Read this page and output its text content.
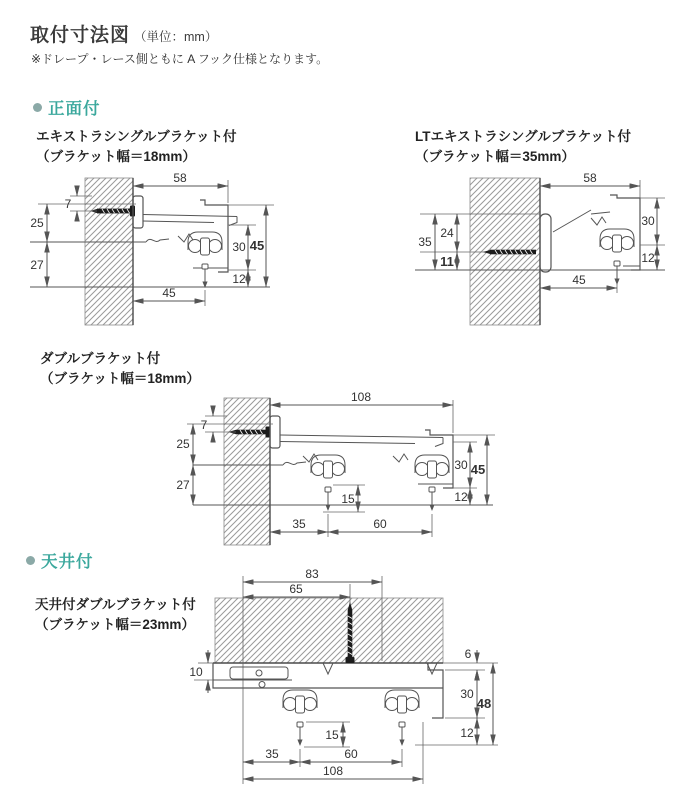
取付寸法図 （単位：mm）
※ドレープ・レース側ともに A フック仕様となります。
正面付
エキストラシングルブラケット付
（ブラケット幅＝18mm）
LTエキストラシングルブラケット付
（ブラケット幅＝35mm）
58
7
25
27
30
12
45
45
58
35
24
11
30
12
45
ダブルブラケット付
（ブラケット幅＝18mm）
108
7
25
27
30
12
45
15
35	60
天井付
天井付ダブルブラケット付
（ブラケット幅＝23mm）
83
65
10
6
30
12
48
15
35	60
108
